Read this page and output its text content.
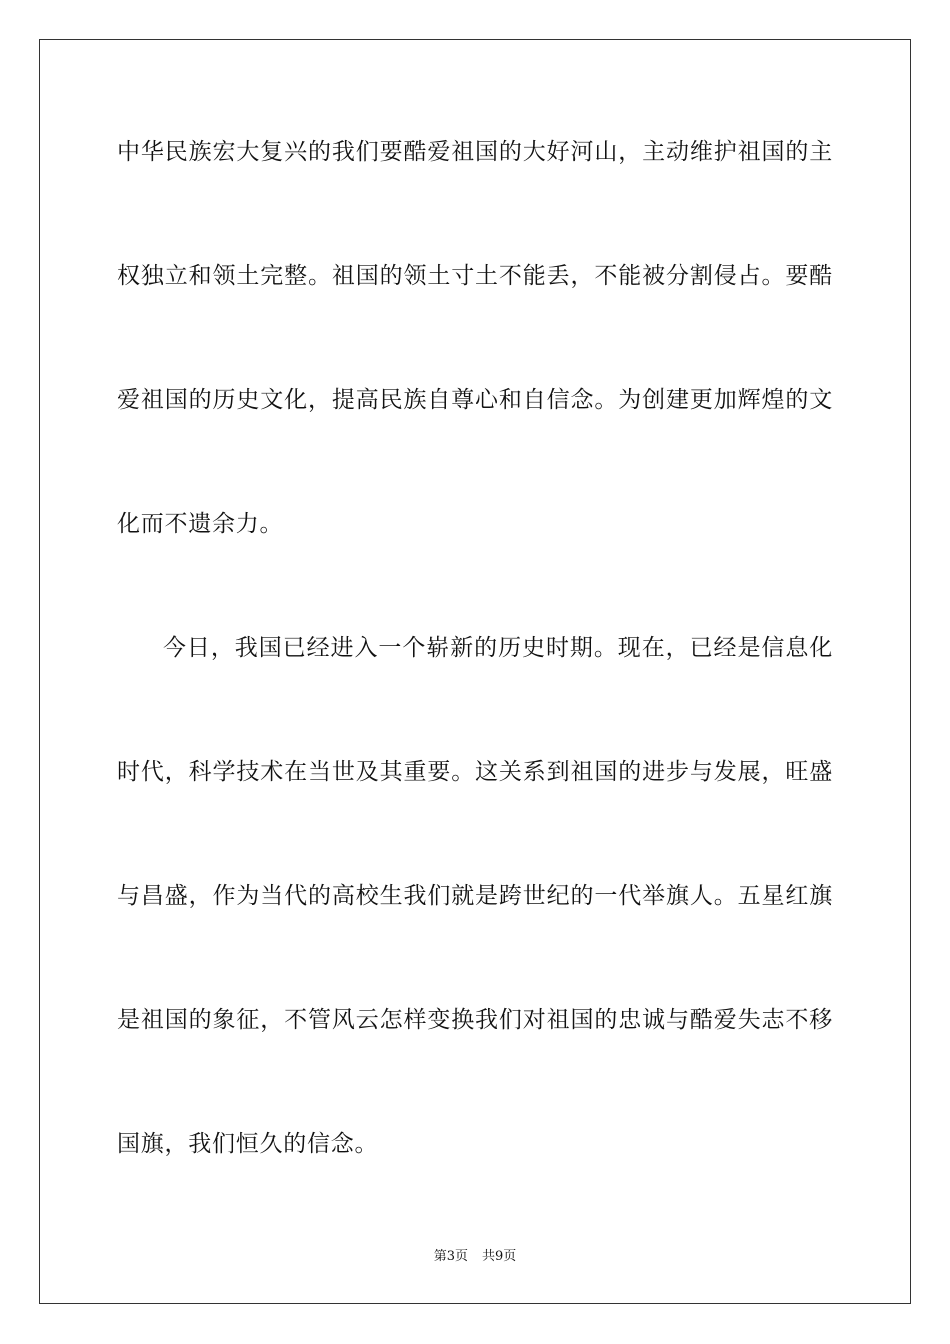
中华民族宏大复兴的我们要酷爱祖国的大好河山，主动维护祖国的主
权独立和领土完整。祖国的领土寸土不能丢，不能被分割侵占。要酷
爱祖国的历史文化，提高民族自尊心和自信念。为创建更加辉煌的文
化而不遗余力。
今日，我国已经进入一个崭新的历史时期。现在，已经是信息化
时代，科学技术在当世及其重要。这关系到祖国的进步与发展，旺盛
与昌盛，作为当代的高校生我们就是跨世纪的一代举旗人。五星红旗
是祖国的象征，不管风云怎样变换我们对祖国的忠诚与酷爱失志不移
国旗，我们恒久的信念。
第3页 共9页
